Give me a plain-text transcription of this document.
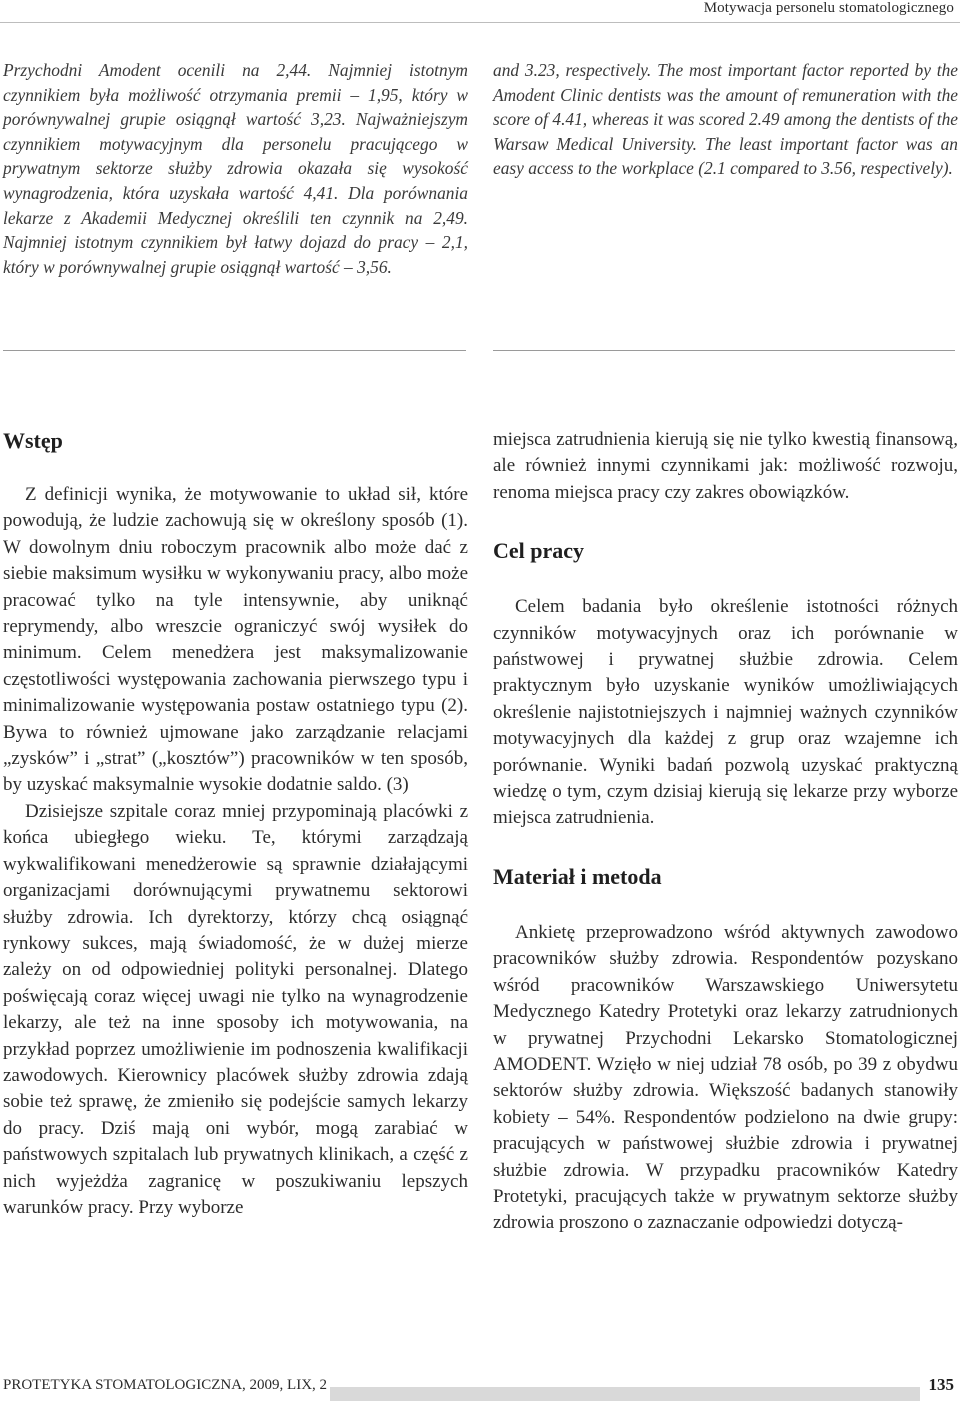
Motywacja personelu stomatologicznego

Przychodni Amodent ocenili na 2,44. Najmniej istotnym czynnikiem była możliwość otrzymania premii – 1,95, który w porównywalnej grupie osiągnął wartość 3,23. Najważniejszym czynnikiem motywacyjnym dla personelu pracującego w prywatnym sektorze służby zdrowia okazała się wysokość wynagrodzenia, która uzyskała wartość 4,41. Dla porównania lekarze z Akademii Medycznej określili ten czynnik na 2,49. Najmniej istotnym czynnikiem był łatwy dojazd do pracy – 2,1, który w porównywalnej grupie osiągnął wartość – 3,56.

and 3.23, respectively. The most important factor reported by the Amodent Clinic dentists was the amount of remuneration with the score of 4.41, whereas it was scored 2.49 among the dentists of the Warsaw Medical University. The least important factor was an easy access to the workplace (2.1 compared to 3.56, respectively).

Wstęp

Z definicji wynika, że motywowanie to układ sił, które powodują, że ludzie zachowują się w określony sposób (1). W dowolnym dniu roboczym pracownik albo może dać z siebie maksimum wysiłku w wykonywaniu pracy, albo może pracować tylko na tyle intensywnie, aby uniknąć reprymendy, albo wreszcie ograniczyć swój wysiłek do minimum. Celem menedżera jest maksymalizowanie częstotliwości występowania zachowania pierwszego typu i minimalizowanie występowania postaw ostatniego typu (2). Bywa to również ujmowane jako zarządzanie relacjami „zysków” i „strat” („kosztów”) pracowników w ten sposób, by uzyskać maksymalnie wysokie dodatnie saldo. (3)

Dzisiejsze szpitale coraz mniej przypominają placówki z końca ubiegłego wieku. Te, którymi zarządzają wykwalifikowani menedżerowie są sprawnie działającymi organizacjami dorównującymi prywatnemu sektorowi służby zdrowia. Ich dyrektorzy, którzy chcą osiągnąć rynkowy sukces, mają świadomość, że w dużej mierze zależy on od odpowiedniej polityki personalnej. Dlatego poświęcają coraz więcej uwagi nie tylko na wynagrodzenie lekarzy, ale też na inne sposoby ich motywowania, na przykład poprzez umożliwienie im podnoszenia kwalifikacji zawodowych. Kierownicy placówek służby zdrowia zdają sobie też sprawę, że zmieniło się podejście samych lekarzy do pracy. Dziś mają oni wybór, mogą zarabiać w państwowych szpitalach lub prywatnych klinikach, a część z nich wyjeżdża zagranicę w poszukiwaniu lepszych warunków pracy. Przy wyborze

miejsca zatrudnienia kierują się nie tylko kwestią finansową, ale również innymi czynnikami jak: możliwość rozwoju, renoma miejsca pracy czy zakres obowiązków.

Cel pracy

Celem badania było określenie istotności różnych czynników motywacyjnych oraz ich porównanie w państwowej i prywatnej służbie zdrowia. Celem praktycznym było uzyskanie wyników umożliwiających określenie najistotniejszych i najmniej ważnych czynników motywacyjnych dla każdej z grup oraz wzajemne ich porównanie. Wyniki badań pozwolą uzyskać praktyczną wiedzę o tym, czym dzisiaj kierują się lekarze przy wyborze miejsca zatrudnienia.

Materiał i metoda

Ankietę przeprowadzono wśród aktywnych zawodowo pracowników służby zdrowia. Respondentów pozyskano wśród pracowników Warszawskiego Uniwersytetu Medycznego Katedry Protetyki oraz lekarzy zatrudnionych w prywatnej Przychodni Lekarsko Stomatologicznej AMODENT. Wzięło w niej udział 78 osób, po 39 z obydwu sektorów służby zdrowia. Większość badanych stanowiły kobiety – 54%. Respondentów podzielono na dwie grupy: pracujących w państwowej służbie zdrowia i prywatnej służbie zdrowia. W przypadku pracowników Katedry Protetyki, pracujących także w prywatnym sektorze służby zdrowia proszono o zaznaczanie odpowiedzi dotyczą-

PROTETYKA STOMATOLOGICZNA, 2009, LIX, 2	135
